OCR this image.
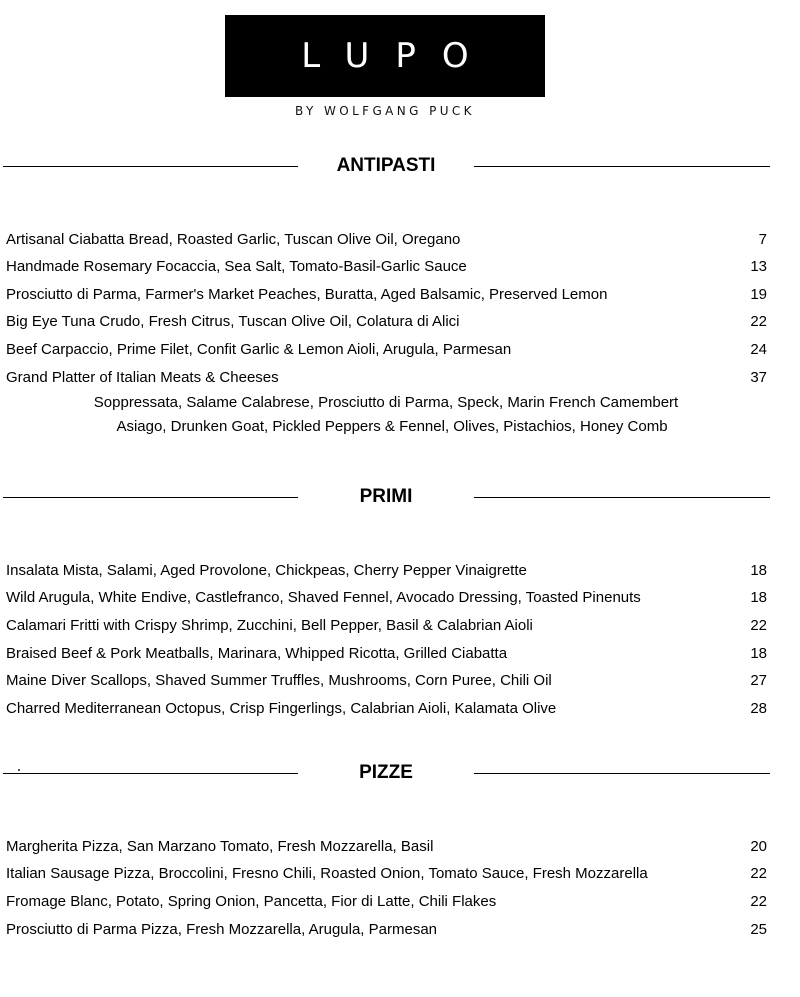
LUPO
BY WOLFGANG PUCK
ANTIPASTI
Artisanal Ciabatta Bread, Roasted Garlic, Tuscan Olive Oil, Oregano	7
Handmade Rosemary Focaccia, Sea Salt, Tomato-Basil-Garlic Sauce	13
Prosciutto di Parma, Farmer's Market Peaches, Buratta, Aged Balsamic, Preserved Lemon	19
Big Eye Tuna Crudo, Fresh Citrus, Tuscan Olive Oil, Colatura di Alici	22
Beef Carpaccio, Prime Filet, Confit Garlic & Lemon Aioli, Arugula, Parmesan	24
Grand Platter of Italian Meats & Cheeses	37
Soppressata, Salame Calabrese, Prosciutto di Parma, Speck, Marin French Camembert
Asiago, Drunken Goat, Pickled Peppers & Fennel, Olives, Pistachios, Honey Comb
PRIMI
Insalata Mista, Salami, Aged Provolone, Chickpeas, Cherry Pepper Vinaigrette	18
Wild Arugula, White Endive, Castlefranco, Shaved Fennel, Avocado Dressing, Toasted Pinenuts	18
Calamari Fritti with Crispy Shrimp, Zucchini, Bell Pepper, Basil & Calabrian Aioli	22
Braised Beef & Pork Meatballs, Marinara, Whipped Ricotta, Grilled Ciabatta	18
Maine Diver Scallops, Shaved Summer Truffles, Mushrooms, Corn Puree, Chili Oil	27
Charred Mediterranean Octopus, Crisp Fingerlings, Calabrian Aioli, Kalamata Olive	28
PIZZE
Margherita Pizza, San Marzano Tomato, Fresh Mozzarella, Basil	20
Italian Sausage Pizza, Broccolini, Fresno Chili, Roasted Onion, Tomato Sauce, Fresh Mozzarella	22
Fromage Blanc, Potato, Spring Onion, Pancetta, Fior di Latte, Chili Flakes	22
Prosciutto di Parma Pizza, Fresh Mozzarella, Arugula, Parmesan	25
